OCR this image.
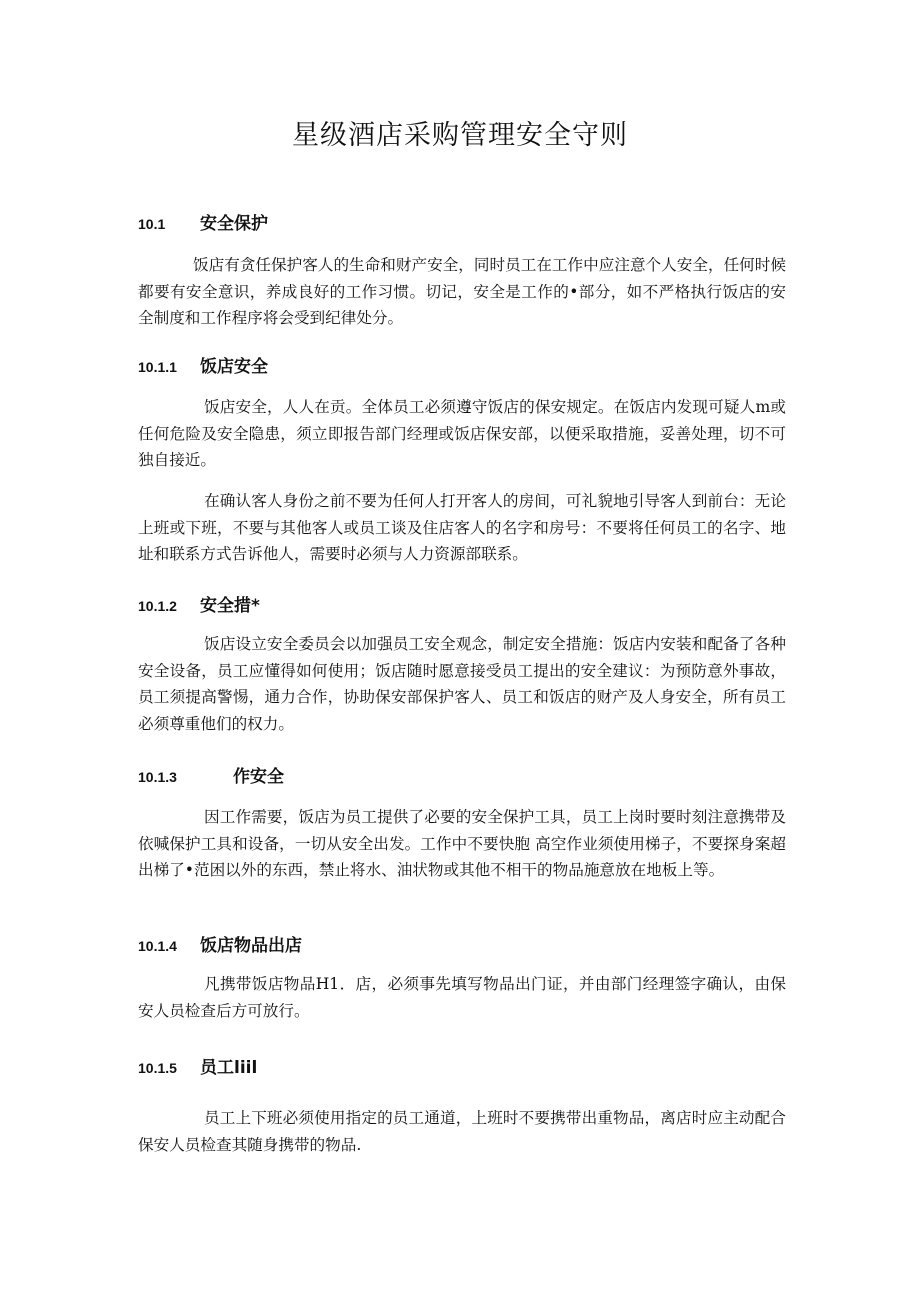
星级酒店采购管理安全守则
10.1	安全保护

饭店有贪任保护客人的生命和财产安全，同时员工在工作中应注意个人安全，任何时候都要有安全意识，养成良好的工作习惯。切记，安全是工作的•部分，如不严格执行饭店的安全制度和工作程序将会受到纪律处分。

10.1.1	饭店安全

饭店安全，人人在贡。全体员工必须遵守饭店的保安规定。在饭店内发现可疑人m或任何危险及安全隐患，须立即报告部门经理或饭店保安部，以便采取措施，妥善处理，切不可独自接近。

在确认客人身份之前不要为任何人打开客人的房间，可礼貌地引导客人到前台：无论上班或下班，不要与其他客人或员工谈及住店客人的名字和房号：不要将任何员工的名字、地址和联系方式告诉他人，需要时必须与人力资源部联系。

10.1.2	安全措*

饭店设立安全委员会以加强员工安全观念，制定安全措施：饭店内安装和配备了各种安全设备，员工应懂得如何使用；饭店随时愿意接受员工提出的安全建议：为预防意外事故，员工须提高警惕，通力合作，协助保安部保护客人、员工和饭店的财产及人身安全，所有员工必须尊重他们的权力。

10.1.3	作安全

因工作需要，饭店为员工提供了必要的安全保护工具，员工上岗时要时刻注意携带及依喊保护工具和设备，一切从安全出发。工作中不要快胞 高空作业须使用梯子，不要探身案超出梯了•范困以外的东西，禁止将水、油状物或其他不相干的物品施意放在地板上等。

10.1.4	饭店物品出店

凡携带饭店物品H1．店，必须事先填写物品出门证，并由部门经理签字确认，由保安人员检查后方可放行。

10.1.5	员工liil

员工上下班必须使用指定的员工通道，上班时不要携带出重物品，离店时应主动配合保安人员检查其随身携带的物品.
